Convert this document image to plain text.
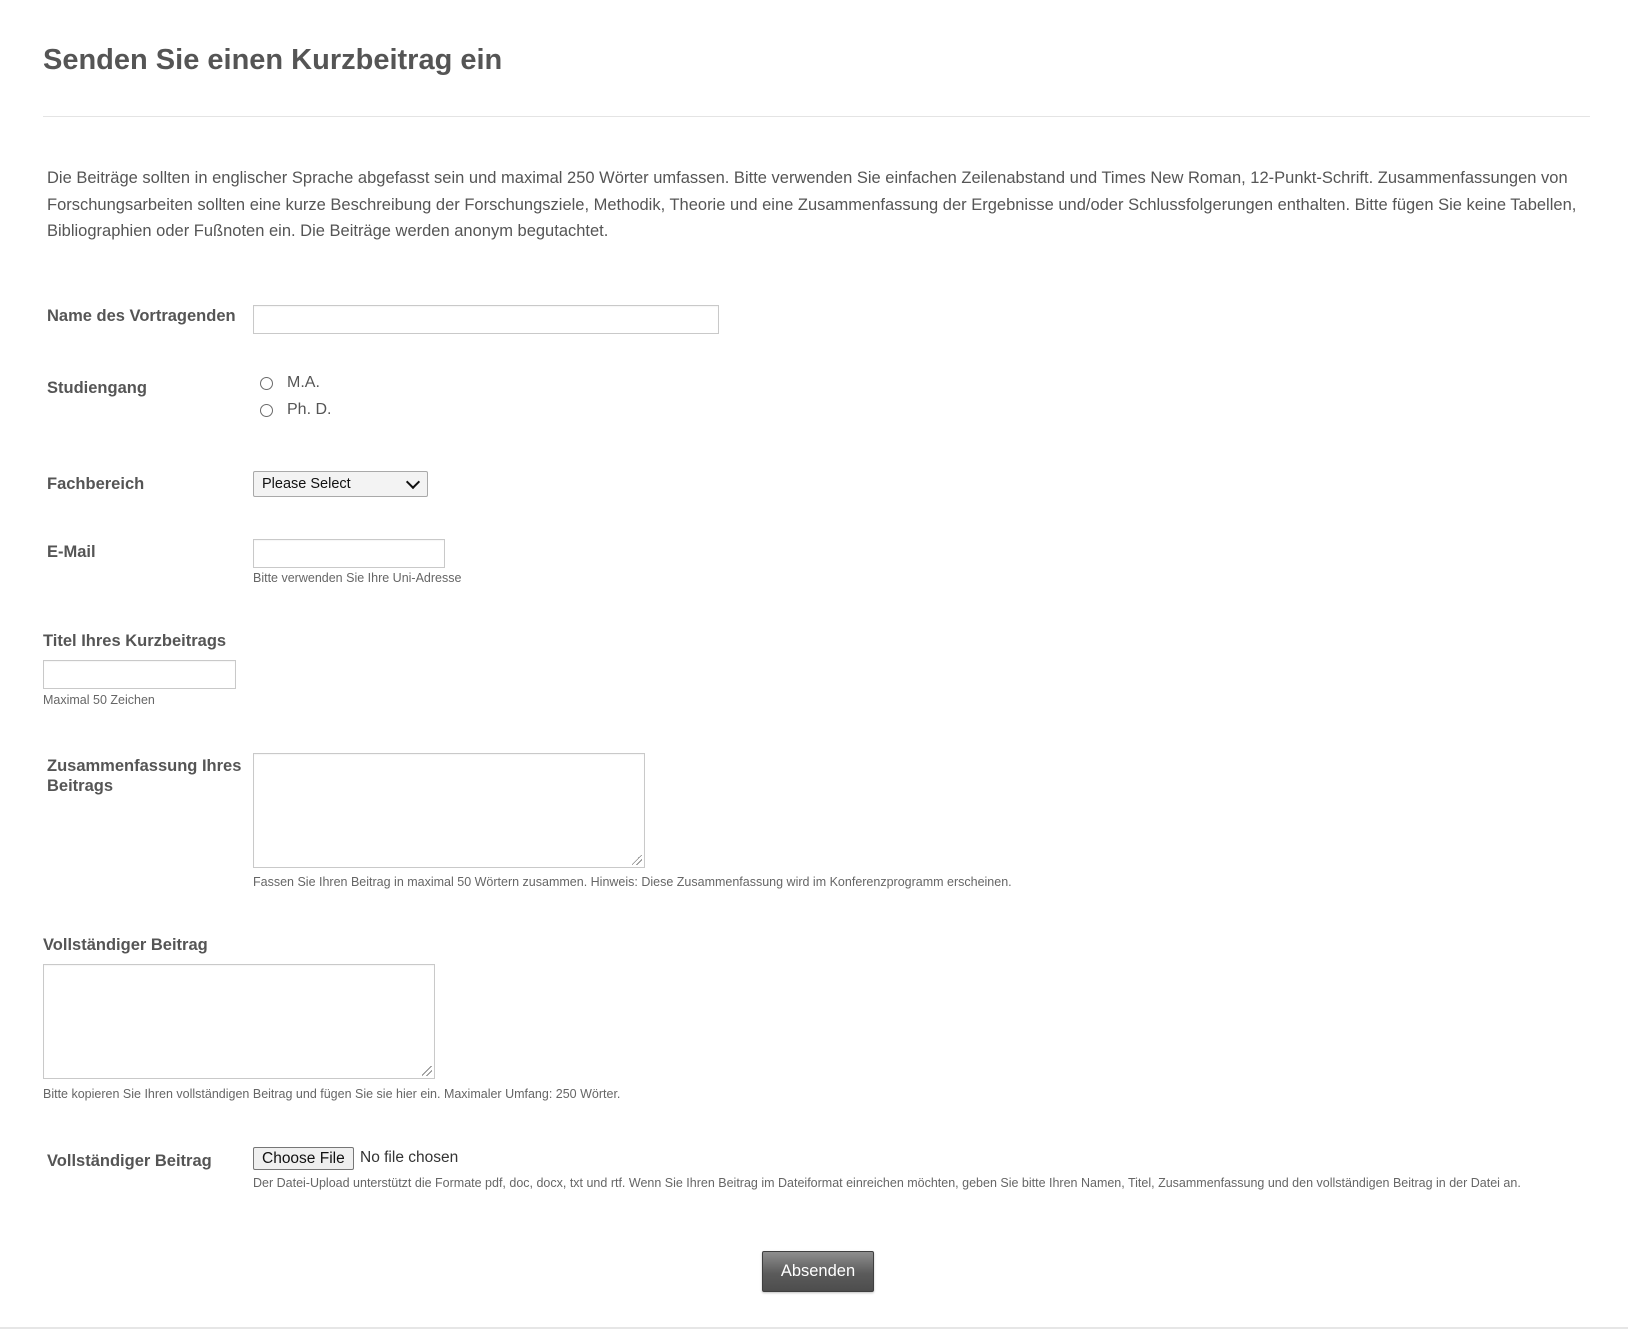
Senden Sie einen Kurzbeitrag ein
Die Beiträge sollten in englischer Sprache abgefasst sein und maximal 250 Wörter umfassen. Bitte verwenden Sie einfachen Zeilenabstand und Times New Roman, 12-Punkt-Schrift. Zusammenfassungen von Forschungsarbeiten sollten eine kurze Beschreibung der Forschungsziele, Methodik, Theorie und eine Zusammenfassung der Ergebnisse und/oder Schlussfolgerungen enthalten. Bitte fügen Sie keine Tabellen, Bibliographien oder Fußnoten ein. Die Beiträge werden anonym begutachtet.
Name des Vortragenden
Studiengang	M.A.
Ph. D.
Fachbereich	Please Select
E-Mail
Bitte verwenden Sie Ihre Uni-Adresse
Titel Ihres Kurzbeitrags
Maximal 50 Zeichen
Zusammenfassung Ihres Beitrags
Fassen Sie Ihren Beitrag in maximal 50 Wörtern zusammen. Hinweis: Diese Zusammenfassung wird im Konferenzprogramm erscheinen.
Vollständiger Beitrag
Bitte kopieren Sie Ihren vollständigen Beitrag und fügen Sie sie hier ein. Maximaler Umfang: 250 Wörter.
Vollständiger Beitrag	Choose File No file chosen
Der Datei-Upload unterstützt die Formate pdf, doc, docx, txt und rtf. Wenn Sie Ihren Beitrag im Dateiformat einreichen möchten, geben Sie bitte Ihren Namen, Titel, Zusammenfassung und den vollständigen Beitrag in der Datei an.
Absenden
